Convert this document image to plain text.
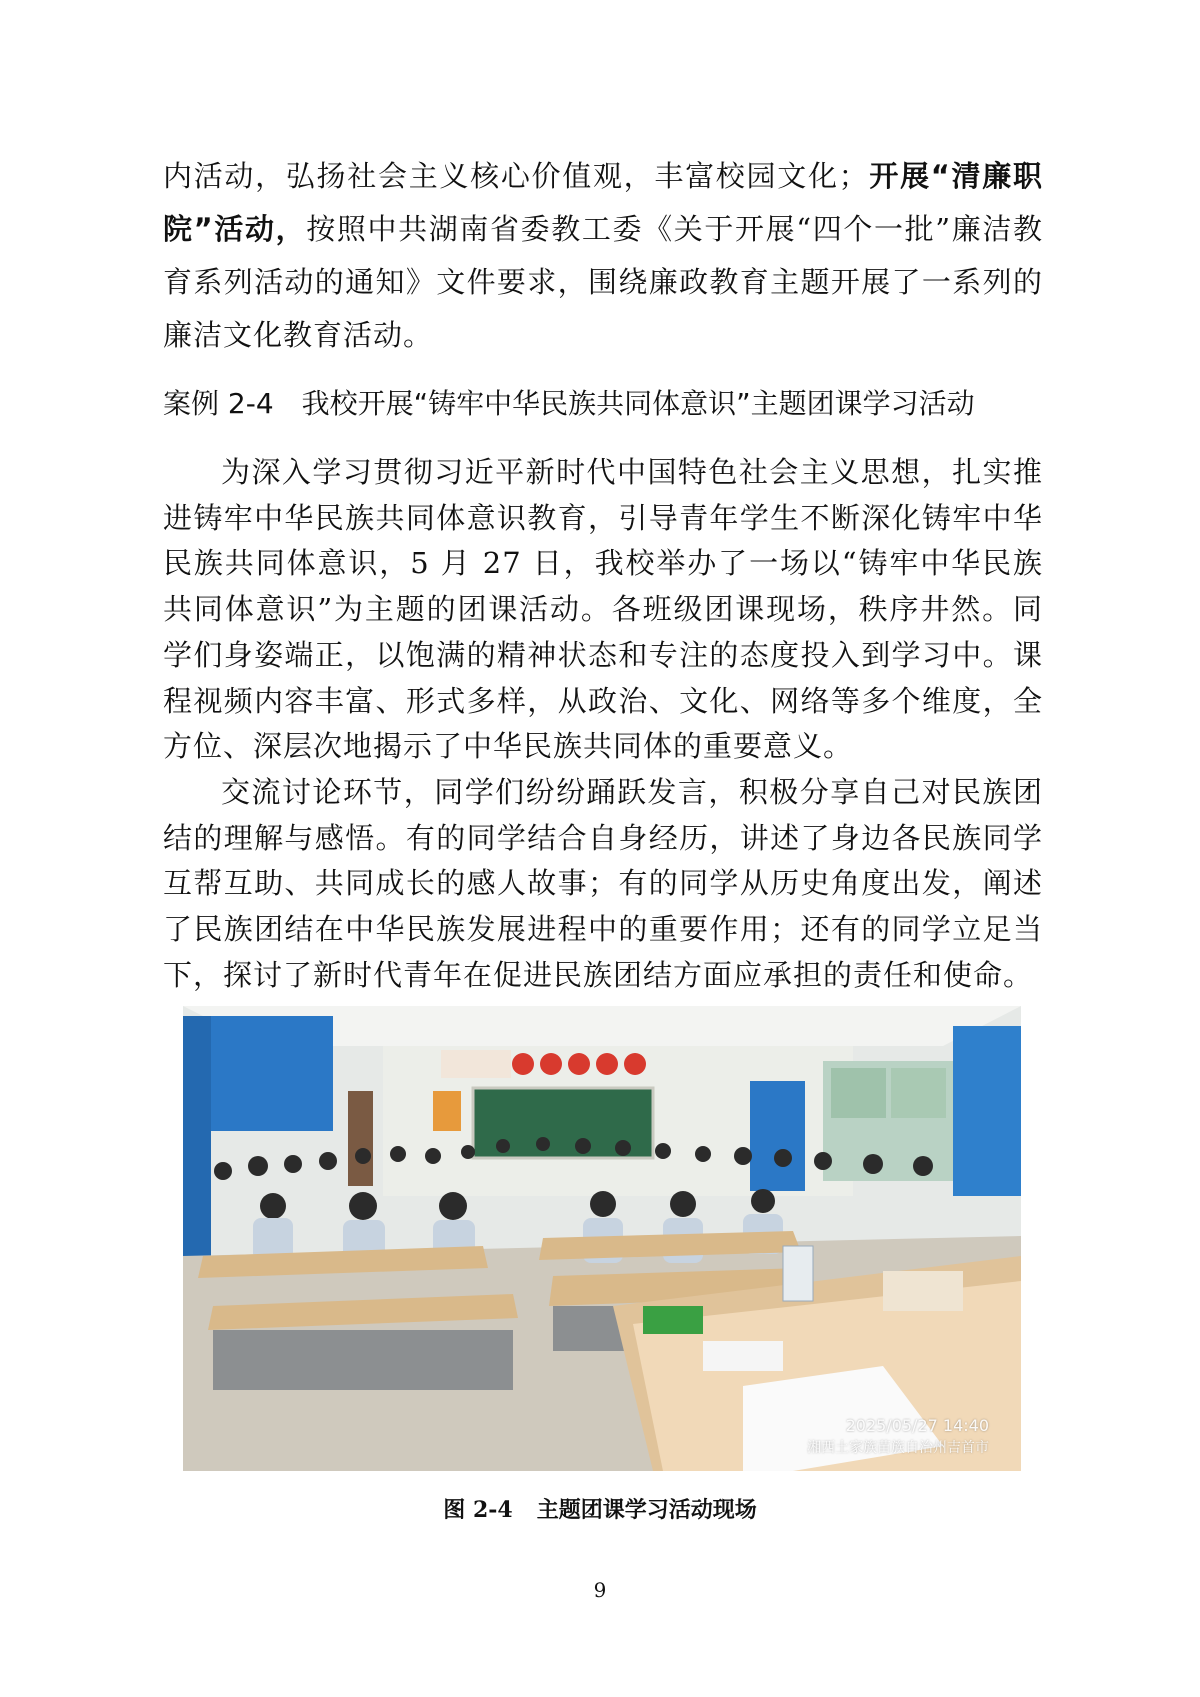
内活动，弘扬社会主义核心价值观，丰富校园文化；开展“清廉职院”活动，按照中共湖南省委教工委《关于开展“四个一批”廉洁教育系列活动的通知》文件要求，围绕廉政教育主题开展了一系列的廉洁文化教育活动。
案例 2-4 我校开展“铸牢中华民族共同体意识”主题团课学习活动
为深入学习贯彻习近平新时代中国特色社会主义思想，扎实推进铸牢中华民族共同体意识教育，引导青年学生不断深化铸牢中华民族共同体意识，5 月 27 日，我校举办了一场以“铸牢中华民族共同体意识”为主题的团课活动。各班级团课现场，秩序井然。同学们身姿端正，以饱满的精神状态和专注的态度投入到学习中。课程视频内容丰富、形式多样，从政治、文化、网络等多个维度，全方位、深层次地揭示了中华民族共同体的重要意义。
交流讨论环节，同学们纷纷踊跃发言，积极分享自己对民族团结的理解与感悟。有的同学结合自身经历，讲述了身边各民族同学互帮互助、共同成长的感人故事；有的同学从历史角度出发，阐述了民族团结在中华民族发展进程中的重要作用；还有的同学立足当下，探讨了新时代青年在促进民族团结方面应承担的责任和使命。
2025/05/27 14:40
湘西土家族苗族自治州吉首市
图 2-4 主题团课学习活动现场
9
